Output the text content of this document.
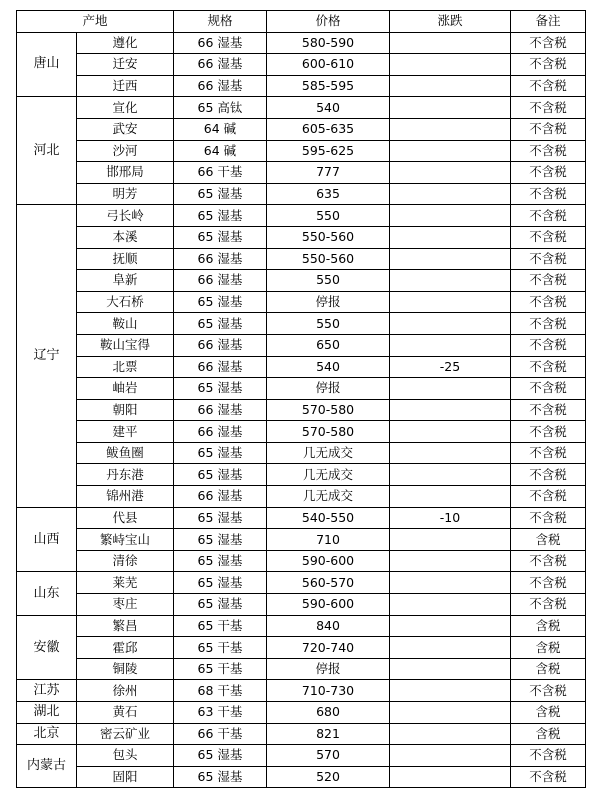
产地		规格	价格	涨跌	备注
唐山	遵化	66 湿基	580-590		不含税
	迁安	66 湿基	600-610		不含税
	迁西	66 湿基	585-595		不含税
河北	宣化	65 高钛	540		不含税
	武安	64 碱	605-635		不含税
	沙河	64 碱	595-625		不含税
	邯邢局	66 干基	777		不含税
	明芳	65 湿基	635		不含税
辽宁	弓长岭	65 湿基	550		不含税
	本溪	65 湿基	550-560		不含税
	抚顺	66 湿基	550-560		不含税
	阜新	66 湿基	550		不含税
	大石桥	65 湿基	停报		不含税
	鞍山	65 湿基	550		不含税
	鞍山宝得	66 湿基	650		不含税
	北票	66 湿基	540	-25	不含税
	岫岩	65 湿基	停报		不含税
	朝阳	66 湿基	570-580		不含税
	建平	66 湿基	570-580		不含税
	鲅鱼圈	65 湿基	几无成交		不含税
	丹东港	65 湿基	几无成交		不含税
	锦州港	66 湿基	几无成交		不含税
山西	代县	65 湿基	540-550	-10	不含税
	繁峙宝山	65 湿基	710		含税
	清徐	65 湿基	590-600		不含税
山东	莱芜	65 湿基	560-570		不含税
	枣庄	65 湿基	590-600		不含税
安徽	繁昌	65 干基	840		含税
	霍邱	65 干基	720-740		含税
	铜陵	65 干基	停报		含税
江苏	徐州	68 干基	710-730		不含税
湖北	黄石	63 干基	680		含税
北京	密云矿业	66 干基	821		含税
内蒙古	包头	65 湿基	570		不含税
	固阳	65 湿基	520		不含税
